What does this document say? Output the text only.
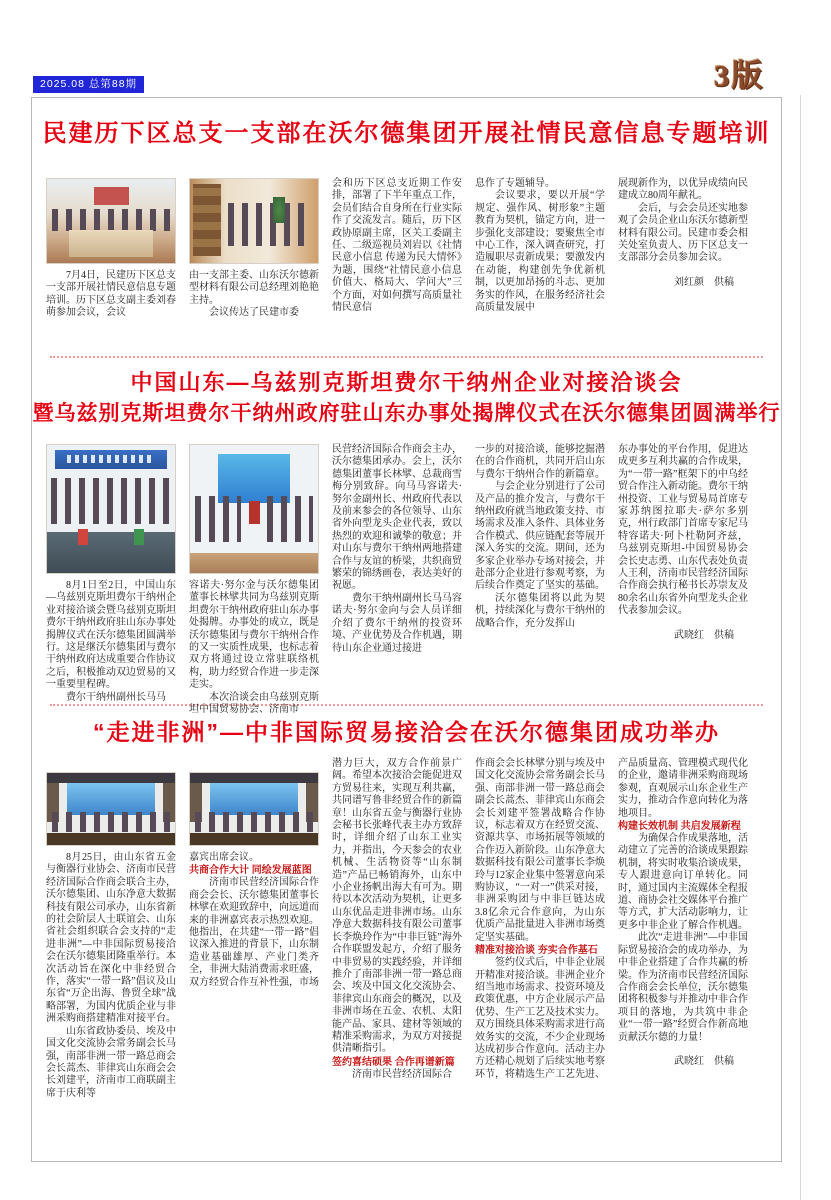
2025.08 总第88期	3版
民建历下区总支一支部在沃尔德集团开展社情民意信息专题培训

7月4日，民建历下区总支一支部开展社情民意信息专题培训。历下区总支副主委刘春萌参加会议，会议

由一支部主委、山东沃尔德新型材料有限公司总经理刘艳艳主持。

会议传达了民建市委

会和历下区总支近期工作安排，部署了下半年重点工作，会员们结合自身所在行业实际作了交流发言。随后，历下区政协原副主席，区关工委副主任、二级巡视员刘岩以《社情民意小信息 传递为民大情怀》为题，围绕“社情民意小信息价值大、格局大、学问大”三个方面，对如何撰写高质量社情民意信

息作了专题辅导。

会议要求，要以开展“学规定、强作风、树形象”主题教育为契机，锚定方向，进一步强化支部建设；要聚焦全市中心工作，深入调查研究，打造履职尽责新成果；要激发内在动能，构建创先争优新机制，以更加昂扬的斗志、更加务实的作风，在服务经济社会高质量发展中

展现新作为，以优异成绩向民建成立80周年献礼。

会后，与会会员还实地参观了会员企业山东沃尔德新型材料有限公司。民建市委会相关处室负责人、历下区总支一支部部分会员参加会议。

刘红颜　供稿
中国山东—乌兹别克斯坦费尔干纳州企业对接洽谈会
暨乌兹别克斯坦费尔干纳州政府驻山东办事处揭牌仪式在沃尔德集团圆满举行

8月1日至2日，中国山东—乌兹别克斯坦费尔干纳州企业对接洽谈会暨乌兹别克斯坦费尔干纳州政府驻山东办事处揭牌仪式在沃尔德集团圆满举行。这是继沃尔德集团与费尔干纳州政府达成重要合作协议之后，积极推动双边贸易的又一重要里程碑。

费尔干纳州副州长马马

容诺夫·努尔金与沃尔德集团董事长林擘共同为乌兹别克斯坦费尔干纳州政府驻山东办事处揭牌。办事处的成立，既是沃尔德集团与费尔干纳州合作的又一实质性成果，也标志着双方将通过设立常驻联络机构，助力经贸合作进一步走深走实。

本次洽谈会由乌兹别克斯坦中国贸易协会、济南市

民营经济国际合作商会主办，沃尔德集团承办。会上，沃尔德集团董事长林擘、总裁商雪梅分别致辞。向马马容诺夫·努尔金副州长、州政府代表以及前来参会的各位领导、山东省外向型龙头企业代表，致以热烈的欢迎和诚挚的敬意；并对山东与费尔干纳州两地搭建合作与友谊的桥梁，共织商贸繁荣的锦绣画卷，表达美好的祝愿。

费尔干纳州副州长马马容诺夫·努尔金向与会人员详细介绍了费尔干纳州的投资环境、产业优势及合作机遇，期待山东企业通过接进

一步的对接洽谈，能够挖掘潜在的合作商机，共同开启山东与费尔干纳州合作的新篇章。

与会企业分别进行了公司及产品的推介发言，与费尔干纳州政府就当地政策支持、市场需求及准入条件、具体业务合作模式、供应链配套等展开深入务实的交流。期间，还为多家企业举办专场对接会，并赴部分企业进行参观考察，为后续合作奠定了坚实的基础。

沃尔德集团将以此为契机，持续深化与费尔干纳州的战略合作，充分发挥山

东办事处的平台作用，促进达成更多互利共赢的合作成果，为“一带一路”框架下的中乌经贸合作注入新动能。费尔干纳州投资、工业与贸易局首席专家苏纳图拉耶夫·萨尔多别克，州行政部门首席专家尼马特容诺夫·阿卜杜勒阿齐兹，乌兹别克斯坦-中国贸易协会会长史志勇、山东代表处负责人王利，济南市民营经济国际合作商会执行秘书长苏崇友及80余名山东省外向型龙头企业代表参加会议。

武晓红　供稿
“走进非洲”—中非国际贸易接洽会在沃尔德集团成功举办

8月25日，由山东省五金与衡器行业协会、济南市民营经济国际合作商会联合主办，沃尔德集团、山东净意大数据科技有限公司承办，山东省新的社会阶层人士联谊会、山东省社会组织联合会支持的“走进非洲”—中非国际贸易接洽会在沃尔德集团隆重举行。本次活动旨在深化中非经贸合作，落实“一带一路”倡议及山东省“万企出海、鲁贸全球”战略部署，为国内优质企业与非洲采购商搭建精准对接平台。

山东省政协委员、埃及中国文化交流协会常务副会长马强，南部非洲一带一路总商会会长蒿杰、菲律宾山东商会会长刘建平，济南市工商联副主席于庆利等

嘉宾出席会议。

共商合作大计 同绘发展蓝图

济南市民营经济国际合作商会会长、沃尔德集团董事长林擘在欢迎致辞中，向远道而来的非洲嘉宾表示热烈欢迎。他指出，在共建“一带一路”倡议深入推进的背景下，山东制造业基础雄厚、产业门类齐全，非洲大陆消费需求旺盛，双方经贸合作互补性强，市场

潜力巨大，双方合作前景广阔。希望本次接洽会能促进双方贸易往来，实现互利共赢，共同谱写鲁非经贸合作的新篇章！山东省五金与衡器行业协会秘书长张峰代表主办方致辞时，详细介绍了山东工业实力，并指出，今天参会的农业机械、生活物资等“山东制造”产品已畅销海外，山东中小企业扬帆出海大有可为。期待以本次活动为契机，让更多山东优品走进非洲市场。山东净意大数据科技有限公司董事长李焕玲作为“中非巨链”海外合作联盟发起方，介绍了服务中非贸易的实践经验，并详细推介了南部非洲一带一路总商会、埃及中国文化交流协会、菲律宾山东商会的概况，以及非洲市场在五金、农机、太阳能产品、家具、建材等领域的精准采购需求，为双方对接提供清晰指引。

签约喜结硕果 合作再谱新篇

济南市民营经济国际合

作商会会长林擘分别与埃及中国文化交流协会常务副会长马强、南部非洲一带一路总商会副会长蒿杰、菲律宾山东商会会长刘建平签署战略合作协议，标志着双方在经贸交流、资源共享、市场拓展等领域的合作迈入新阶段。山东净意大数据科技有限公司董事长李焕玲与12家企业集中签署意向采购协议，“一对一”供采对接，非洲采购团与中非巨链达成3.8亿余元合作意向，为山东优质产品批量进入非洲市场奠定坚实基础。

精准对接洽谈 夯实合作基石

签约仪式后，中非企业展开精准对接洽谈。非洲企业介绍当地市场需求、投资环境及政策优惠，中方企业展示产品优势、生产工艺及技术实力。双方围绕具体采购需求进行高效务实的交流，不少企业现场达成初步合作意向。活动主办方还精心规划了后续实地考察环节，将精选生产工艺先进、

产品质量高、管理模式现代化的企业，邀请非洲采购商现场参观，直观展示山东企业生产实力，推动合作意向转化为落地项目。

构建长效机制 共启发展新程

为确保合作成果落地，活动建立了完善的洽谈成果跟踪机制，将实时收集洽谈成果，专人跟进意向订单转化。同时，通过国内主流媒体全程报道、商协会社交媒体平台推广等方式，扩大活动影响力，让更多中非企业了解合作机遇。

此次“走进非洲”—中非国际贸易接洽会的成功举办，为中非企业搭建了合作共赢的桥梁。作为济南市民营经济国际合作商会会长单位，沃尔德集团将积极参与并推动中非合作项目的落地，为共筑中非企业“一带一路”经贸合作新高地贡献沃尔德的力量！

武晓红　供稿
